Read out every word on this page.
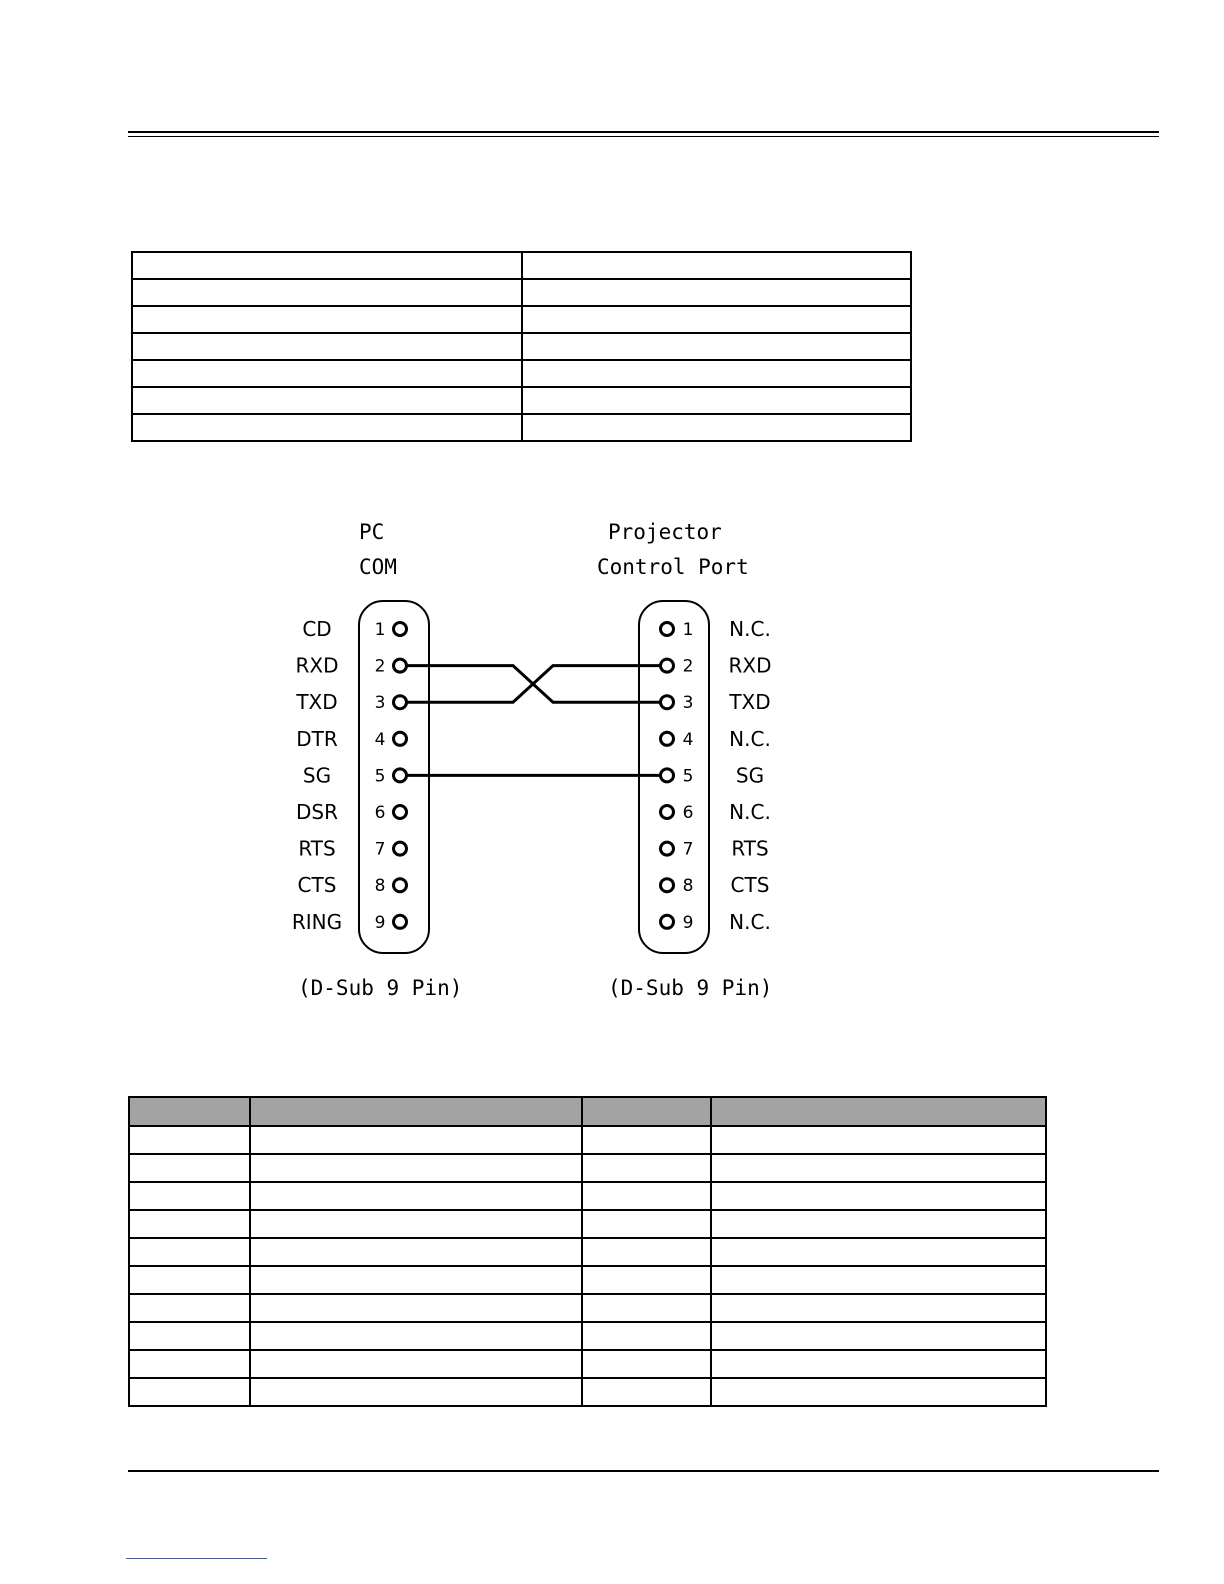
PC
COM
Projector
Control Port
1
CD
2
RXD
3
TXD
4
DTR
5
SG
6
DSR
7
RTS
8
CTS
9
RING
1 N.C.
2 RXD
3 TXD
4 N.C.
5 SG
6 N.C.
7 RTS
8 CTS
9 N.C.
(D-Sub 9 Pin)	(D-Sub 9 Pin)
